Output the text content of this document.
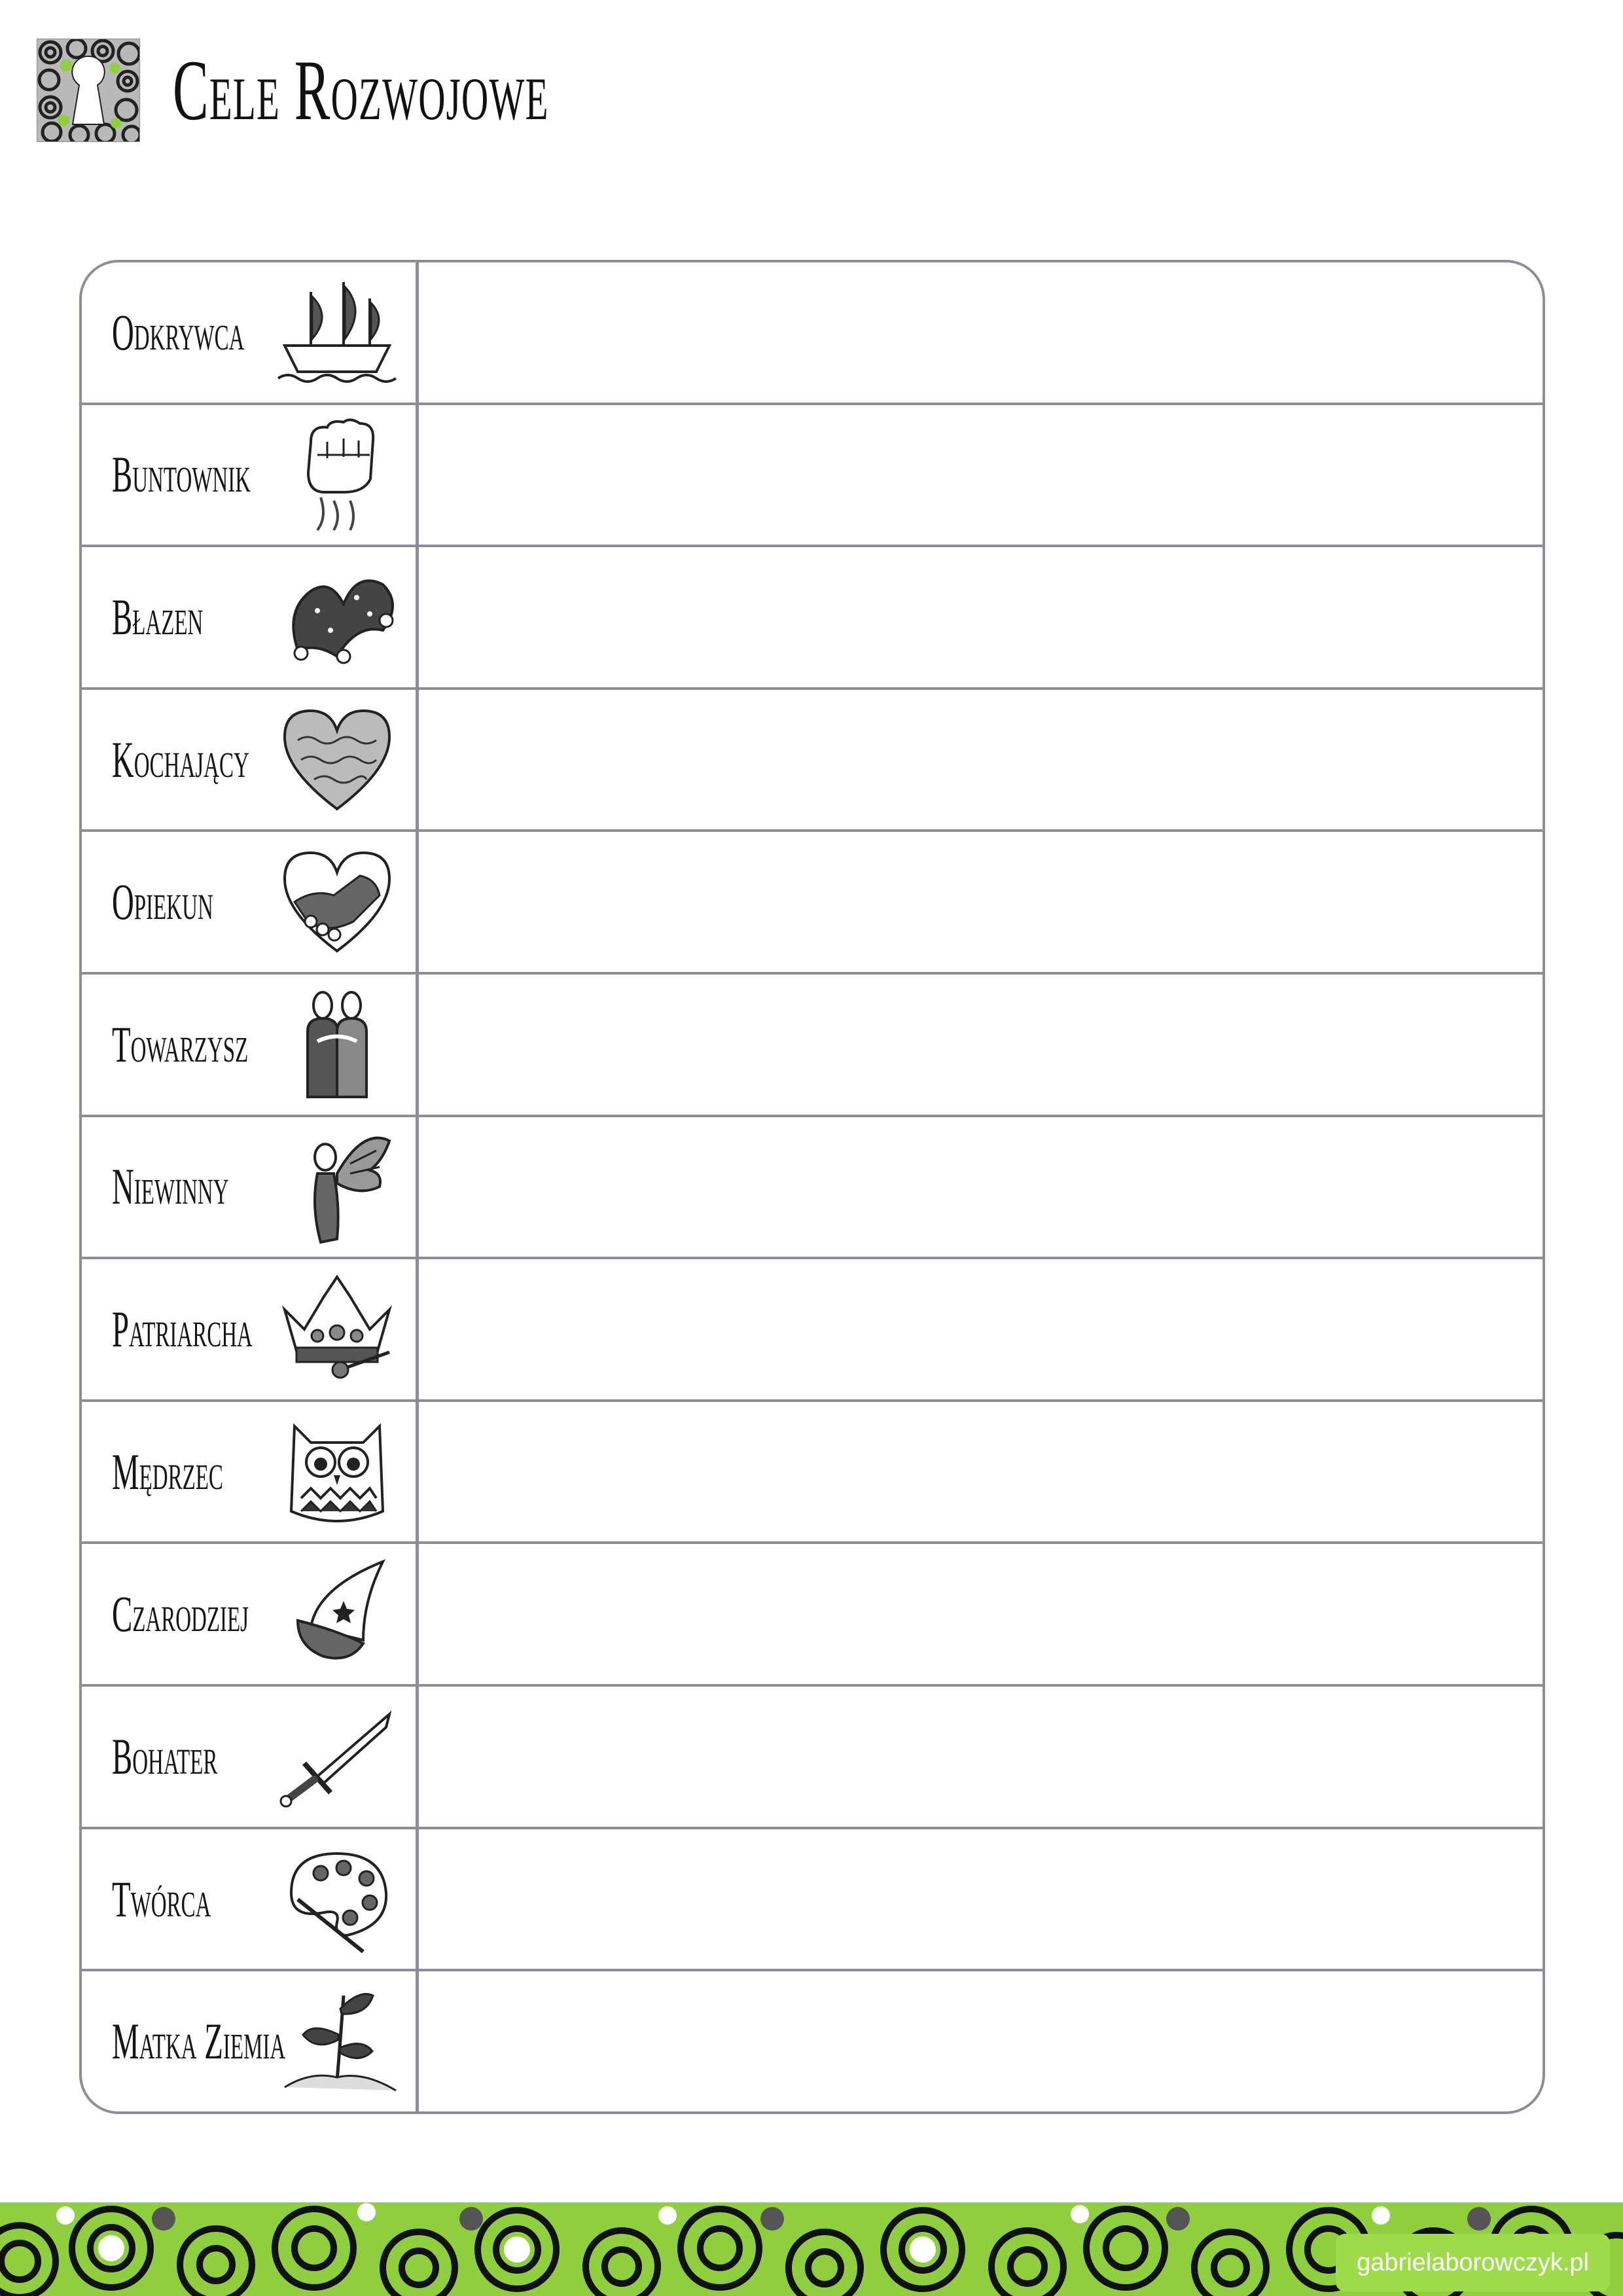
Cele Rozwojowe
Odkrywca
Buntownik
Błazen
Kochający
Opiekun
Towarzysz
Niewinny
Patriarcha
Mędrzec
Czarodziej
Bohater
Twórca
Matka Ziemia
gabrielaborowczyk.pl
